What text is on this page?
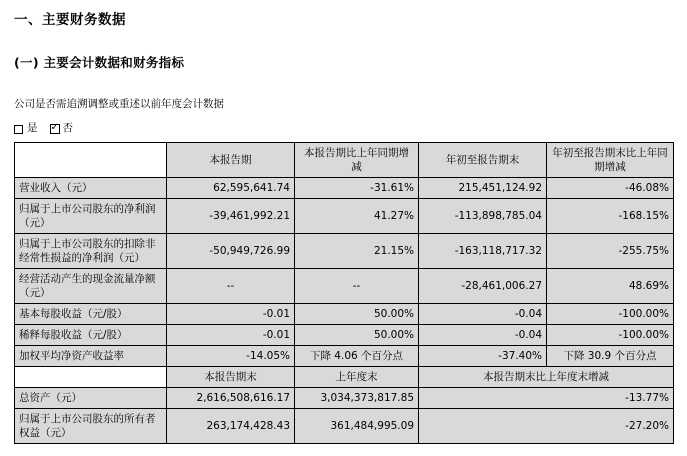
一、主要财务数据
(一) 主要会计数据和财务指标
公司是否需追溯调整或重述以前年度会计数据
是 ✓ 否
	本报告期	本报告期比上年同期增减	年初至报告期末	年初至报告期末比上年同期增减
营业收入（元）	62,595,641.74	-31.61%	215,451,124.92	-46.08%
归属于上市公司股东的净利润（元）	-39,461,992.21	41.27%	-113,898,785.04	-168.15%
归属于上市公司股东的扣除非经常性损益的净利润（元）	-50,949,726.99	21.15%	-163,118,717.32	-255.75%
经营活动产生的现金流量净额（元）	--	--	-28,461,006.27	48.69%
基本每股收益（元/股）	-0.01	50.00%	-0.04	-100.00%
稀释每股收益（元/股）	-0.01	50.00%	-0.04	-100.00%
加权平均净资产收益率	-14.05%	下降 4.06 个百分点	-37.40%	下降 30.9 个百分点
	本报告期末	上年度末	本报告期末比上年度末增减	
总资产（元）	2,616,508,616.17	3,034,373,817.85	-13.77%	
归属于上市公司股东的所有者权益（元）	263,174,428.43	361,484,995.09	-27.20%	
